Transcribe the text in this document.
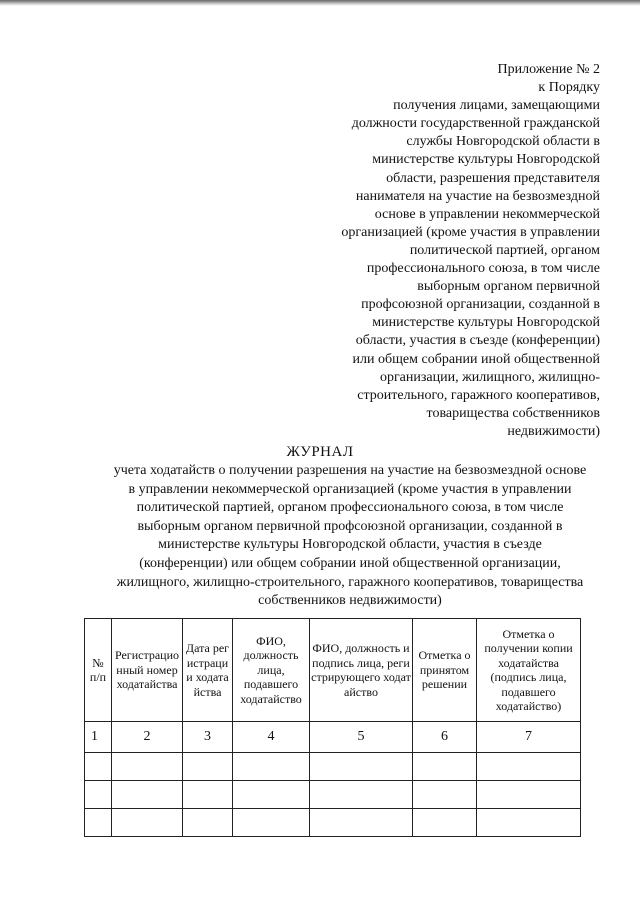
Приложение № 2
к Порядку
получения лицами, замещающими
должности государственной гражданской
службы Новгородской области в
министерстве культуры Новгородской
области, разрешения представителя
нанимателя на участие на безвозмездной
основе в управлении некоммерческой
организацией (кроме участия в управлении
политической партией, органом
профессионального союза, в том числе
выборным органом первичной
профсоюзной организации, созданной в
министерстве культуры Новгородской
области, участия в съезде (конференции)
или общем собрании иной общественной
организации, жилищного, жилищно-
строительного, гаражного кооперативов,
товарищества собственников
недвижимости)
ЖУРНАЛ
учета ходатайств о получении разрешения на участие на безвозмездной основе
в управлении некоммерческой организацией (кроме участия в управлении
политической партией, органом профессионального союза, в том числе
выборным органом первичной профсоюзной организации, созданной в
министерстве культуры Новгородской области, участия в съезде
(конференции) или общем собрании иной общественной организации,
жилищного, жилищно-строительного, гаражного кооперативов, товарищества
собственников недвижимости)
№ п/п	Регистрационный номер ходатайства	Дата регистрации ходатайства	ФИО, должность лица, подавшего ходатайство	ФИО, должность и подпись лица, регистрирующего ходатайство	Отметка о принятом решении	Отметка о получении копии ходатайства (подпись лица, подавшего ходатайство)
1	2	3	4	5	6	7
